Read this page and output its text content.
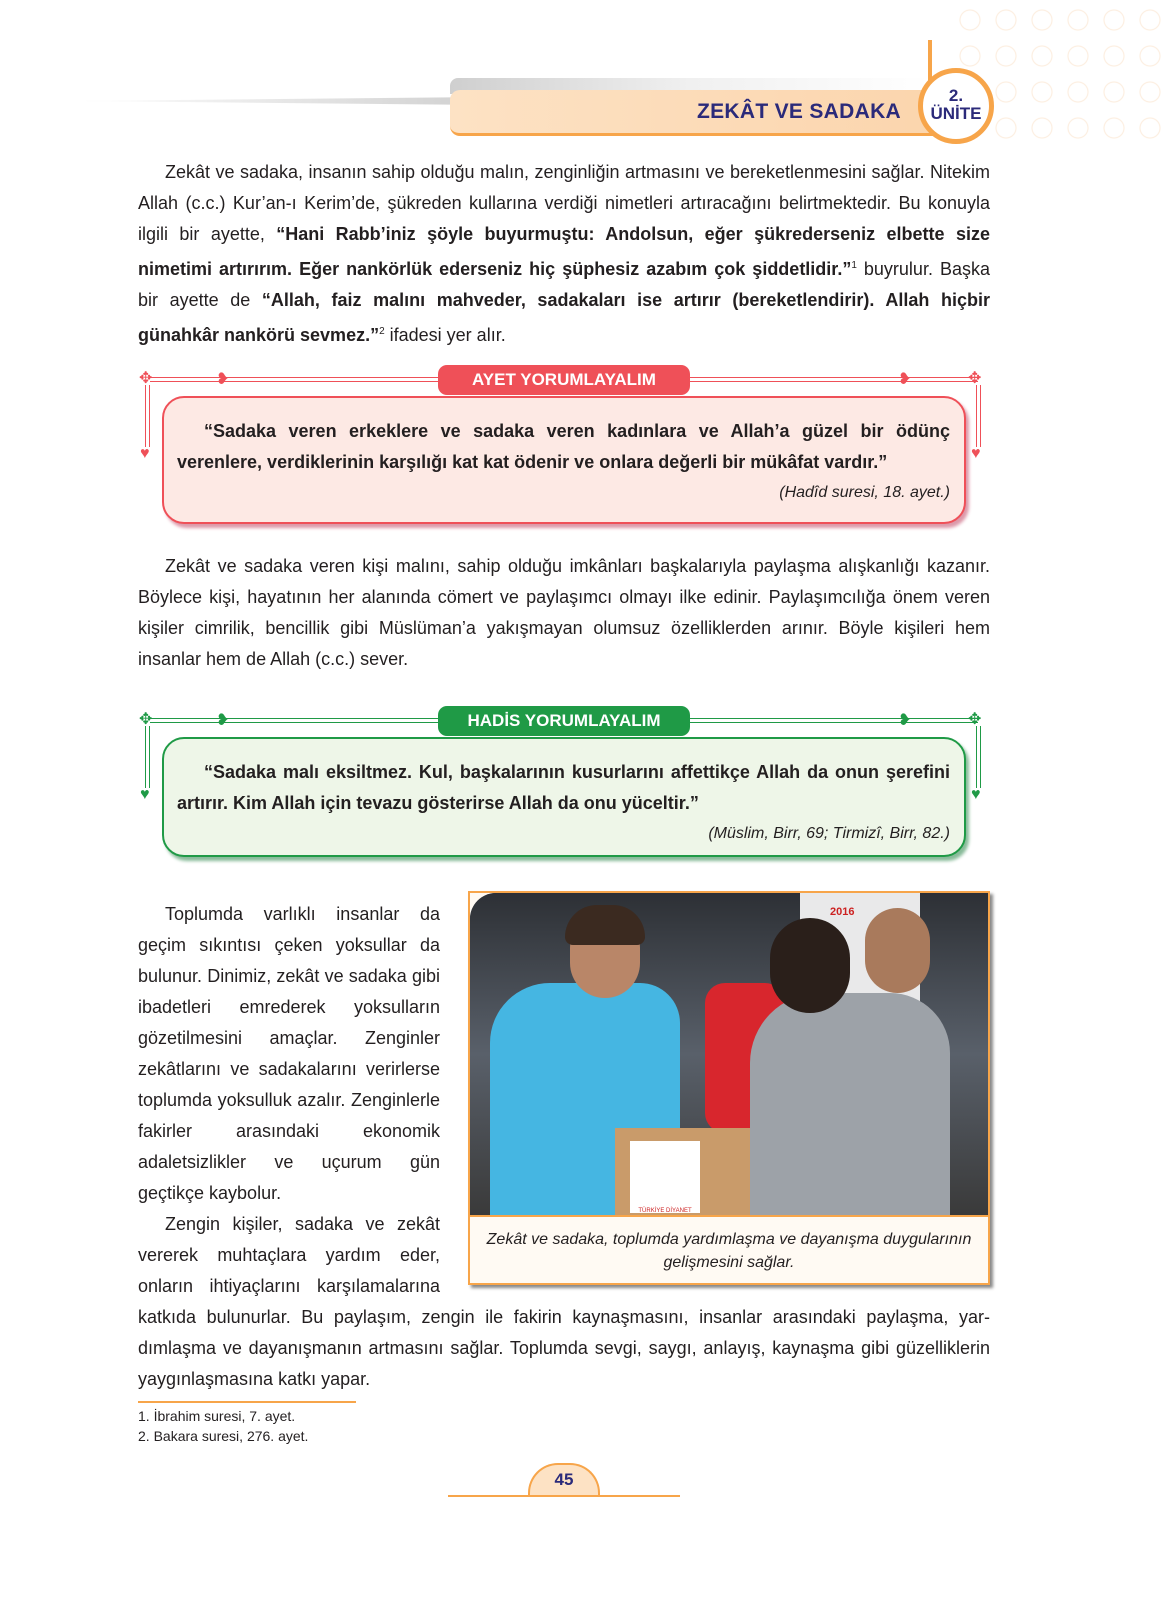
ZEKÂT VE SADAKA
2.
ÜNİTE

Zekât ve sadaka, insanın sahip olduğu malın, zenginliğin artmasını ve bereketlenmesini sağlar. Nitekim Allah (c.c.) Kur’an-ı Kerim’de, şükreden kullarına verdiği nimetleri artıracağını belirtmektedir. Bu konuyla ilgili bir ayette, “Hani Rabb’iniz şöyle buyurmuştu: Andolsun, eğer şükrederseniz elbette size nimetimi artırırım. Eğer nankörlük ederseniz hiç şüphesiz azabım çok şiddetlidir.”$^1$ buyrulur. Başka bir ayette de “Allah, faiz malını mahveder, sadakaları ise artırır (bereketlendirir). Allah hiçbir günahkâr nankörü sevmez.”$^2$ ifadesi yer alır.

✥	✥
❥	❥
♥	♥
“Sadaka veren erkeklere ve sadaka veren kadınlara ve Allah’a güzel bir ödünç verenlere, verdiklerinin karşılığı kat kat ödenir ve onlara değerli bir mükâfat vardır.”
(Hadîd suresi, 18. ayet.)
AYET YORUMLAYALIM

Zekât ve sadaka veren kişi malını, sahip olduğu imkânları başkalarıyla paylaşma alışkanlığı kazanır. Böylece kişi, hayatının her alanında cömert ve paylaşımcı olmayı ilke edinir. Paylaşımcılığa önem veren kişiler cimrilik, bencillik gibi Müslüman’a yakışmayan olumsuz özelliklerden arınır. Böyle kişileri hem insanlar hem de Allah (c.c.) sever.

✥	✥
❥	❥
♥	♥
“Sadaka malı eksiltmez. Kul, başkalarının kusurlarını affettikçe Allah da onun şerefini artırır. Kim Allah için tevazu gösterirse Allah da onu yüceltir.”
(Müslim, Birr, 69; Tirmizî, Birr, 82.)
HADİS YORUMLAYALIM
2016
TÜRKİYE DİYANET
Zekât ve sadaka, toplumda yardımlaşma ve dayanışma duygularının gelişmesini sağlar.

Toplumda varlıklı insanlar da geçim sıkıntısı çeken yoksullar da bulunur. Dinimiz, zekât ve sadaka gibi ibadetleri emrederek yoksulların gözetilmesini amaçlar. Zenginler zekâtlarını ve sadakalarını verirlerse toplumda yoksulluk azalır. Zenginlerle fakirler arasındaki ekonomik adaletsizlikler ve uçurum gün geçtikçe kaybolur.

Zengin kişiler, sadaka ve zekât vererek muhtaçlara yardım eder, onların ihtiyaçlarını karşılamalarına katkıda bulunurlar. Bu paylaşım, zengin ile fakirin kaynaşmasını, insanlar arasındaki paylaşma, yardımlaşma ve dayanışmanın artmasını sağlar. Toplumda sevgi, saygı, anlayış, kaynaşma gibi güzelliklerin yaygınlaşmasına katkı yapar.

1. İbrahim suresi, 7. ayet.
2. Bakara suresi, 276. ayet.
45
